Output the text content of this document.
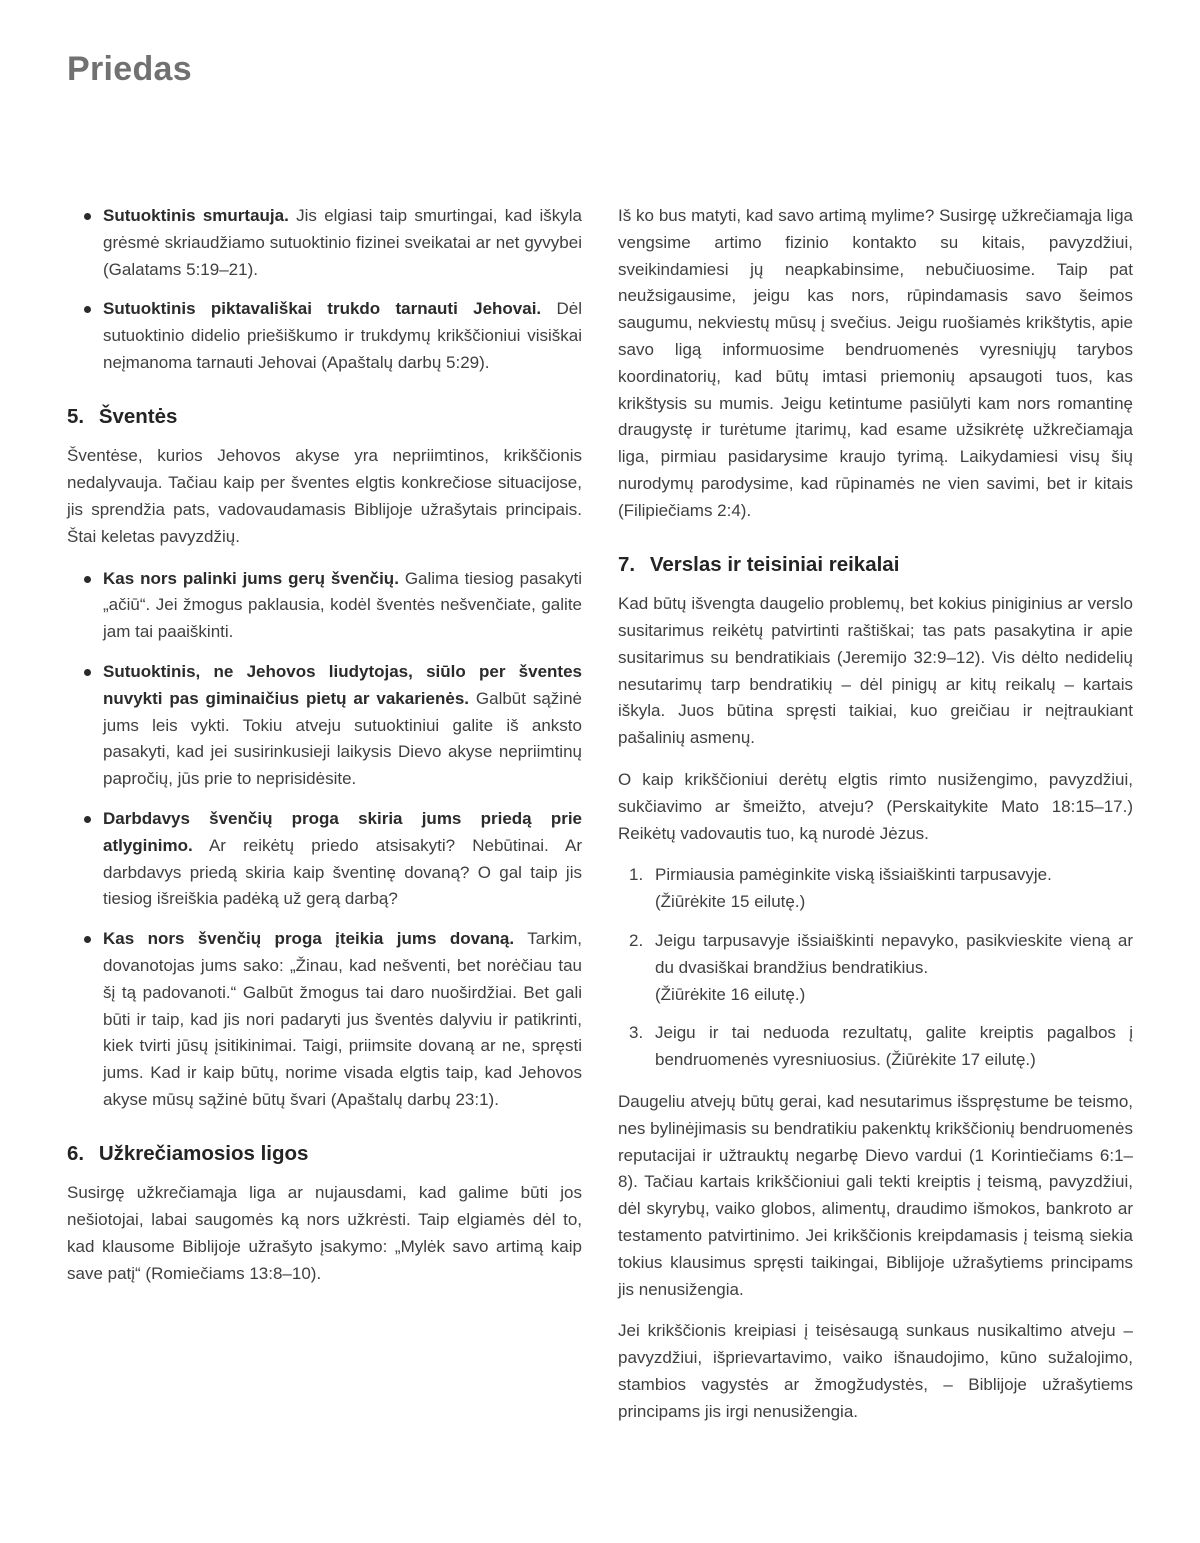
Priedas
Sutuoktinis smurtauja. Jis elgiasi taip smurtingai, kad iškyla grėsmė skriaudžiamo sutuoktinio fizinei sveikatai ar net gyvybei (Galatams 5:19–21).
Sutuoktinis piktavališkai trukdo tarnauti Jehovai. Dėl sutuoktinio didelio priešiškumo ir trukdymų krikščioniui visiškai neįmanoma tarnauti Jehovai (Apaštalų darbų 5:29).
5. Šventės

Šventėse, kurios Jehovos akyse yra nepriimtinos, krikščionis nedalyvauja. Tačiau kaip per šventes elgtis konkrečiose situacijose, jis sprendžia pats, vadovaudamasis Biblijoje užrašytais principais. Štai keletas pavyzdžių.

Kas nors palinki jums gerų švenčių. Galima tiesiog pasakyti „ačiū“. Jei žmogus paklausia, kodėl šventės nešvenčiate, galite jam tai paaiškinti.
Sutuoktinis, ne Jehovos liudytojas, siūlo per šventes nuvykti pas giminaičius pietų ar vakarienės. Galbūt sąžinė jums leis vykti. Tokiu atveju sutuoktiniui galite iš anksto pasakyti, kad jei susirinkusieji laikysis Dievo akyse nepriimtinų papročių, jūs prie to neprisidėsite.
Darbdavys švenčių proga skiria jums priedą prie atlyginimo. Ar reikėtų priedo atsisakyti? Nebūtinai. Ar darbdavys priedą skiria kaip šventinę dovaną? O gal taip jis tiesiog išreiškia padėką už gerą darbą?
Kas nors švenčių proga įteikia jums dovaną. Tarkim, dovanotojas jums sako: „Žinau, kad nešventi, bet norėčiau tau šį tą padovanoti.“ Galbūt žmogus tai daro nuoširdžiai. Bet gali būti ir taip, kad jis nori padaryti jus šventės dalyviu ir patikrinti, kiek tvirti jūsų įsitikinimai. Taigi, priimsite dovaną ar ne, spręsti jums. Kad ir kaip būtų, norime visada elgtis taip, kad Jehovos akyse mūsų sąžinė būtų švari (Apaštalų darbų 23:1).
6. Užkrečiamosios ligos

Susirgę užkrečiamąja liga ar nujausdami, kad galime būti jos nešiotojai, labai saugomės ką nors užkrėsti. Taip elgiamės dėl to, kad klausome Biblijoje užrašyto įsakymo: „Mylėk savo artimą kaip save patį“ (Romiečiams 13:8–10).

Iš ko bus matyti, kad savo artimą mylime? Susirgę užkrečiamąja liga vengsime artimo fizinio kontakto su kitais, pavyzdžiui, sveikindamiesi jų neapkabinsime, nebučiuosime. Taip pat neužsigausime, jeigu kas nors, rūpindamasis savo šeimos saugumu, nekviestų mūsų į svečius. Jeigu ruošiamės krikštytis, apie savo ligą informuosime bendruomenės vyresniųjų tarybos koordinatorių, kad būtų imtasi priemonių apsaugoti tuos, kas krikštysis su mumis. Jeigu ketintume pasiūlyti kam nors romantinę draugystę ir turėtume įtarimų, kad esame užsikrėtę užkrečiamąja liga, pirmiau pasidarysime kraujo tyrimą. Laikydamiesi visų šių nurodymų parodysime, kad rūpinamės ne vien savimi, bet ir kitais (Filipiečiams 2:4).

7. Verslas ir teisiniai reikalai

Kad būtų išvengta daugelio problemų, bet kokius piniginius ar verslo susitarimus reikėtų patvirtinti raštiškai; tas pats pasakytina ir apie susitarimus su bendratikiais (Jeremijo 32:9–12). Vis dėlto nedidelių nesutarimų tarp bendratikių – dėl pinigų ar kitų reikalų – kartais iškyla. Juos būtina spręsti taikiai, kuo greičiau ir neįtraukiant pašalinių asmenų.

O kaip krikščioniui derėtų elgtis rimto nusižengimo, pavyzdžiui, sukčiavimo ar šmeižto, atveju? (Perskaitykite Mato 18:15–17.) Reikėtų vadovautis tuo, ką nurodė Jėzus.

1. Pirmiausia pamėginkite viską išsiaiškinti tarpusavyje.
(Žiūrėkite 15 eilutę.)
2. Jeigu tarpusavyje išsiaiškinti nepavyko, pasikvieskite vieną ar du dvasiškai brandžius bendratikius.
(Žiūrėkite 16 eilutę.)
3. Jeigu ir tai neduoda rezultatų, galite kreiptis pagalbos į bendruomenės vyresniuosius. (Žiūrėkite 17 eilutę.)

Daugeliu atvejų būtų gerai, kad nesutarimus išspręstume be teismo, nes bylinėjimasis su bendratikiu pakenktų krikščionių bendruomenės reputacijai ir užtrauktų negarbę Dievo vardui (1 Korintiečiams 6:1–8). Tačiau kartais krikščioniui gali tekti kreiptis į teismą, pavyzdžiui, dėl skyrybų, vaiko globos, alimentų, draudimo išmokos, bankroto ar testamento patvirtinimo. Jei krikščionis kreipdamasis į teismą siekia tokius klausimus spręsti taikingai, Biblijoje užrašytiems principams jis nenusižengia.

Jei krikščionis kreipiasi į teisėsaugą sunkaus nusikaltimo atveju – pavyzdžiui, išprievartavimo, vaiko išnaudojimo, kūno sužalojimo, stambios vagystės ar žmogžudystės, – Biblijoje užrašytiems principams jis irgi nenusižengia.
